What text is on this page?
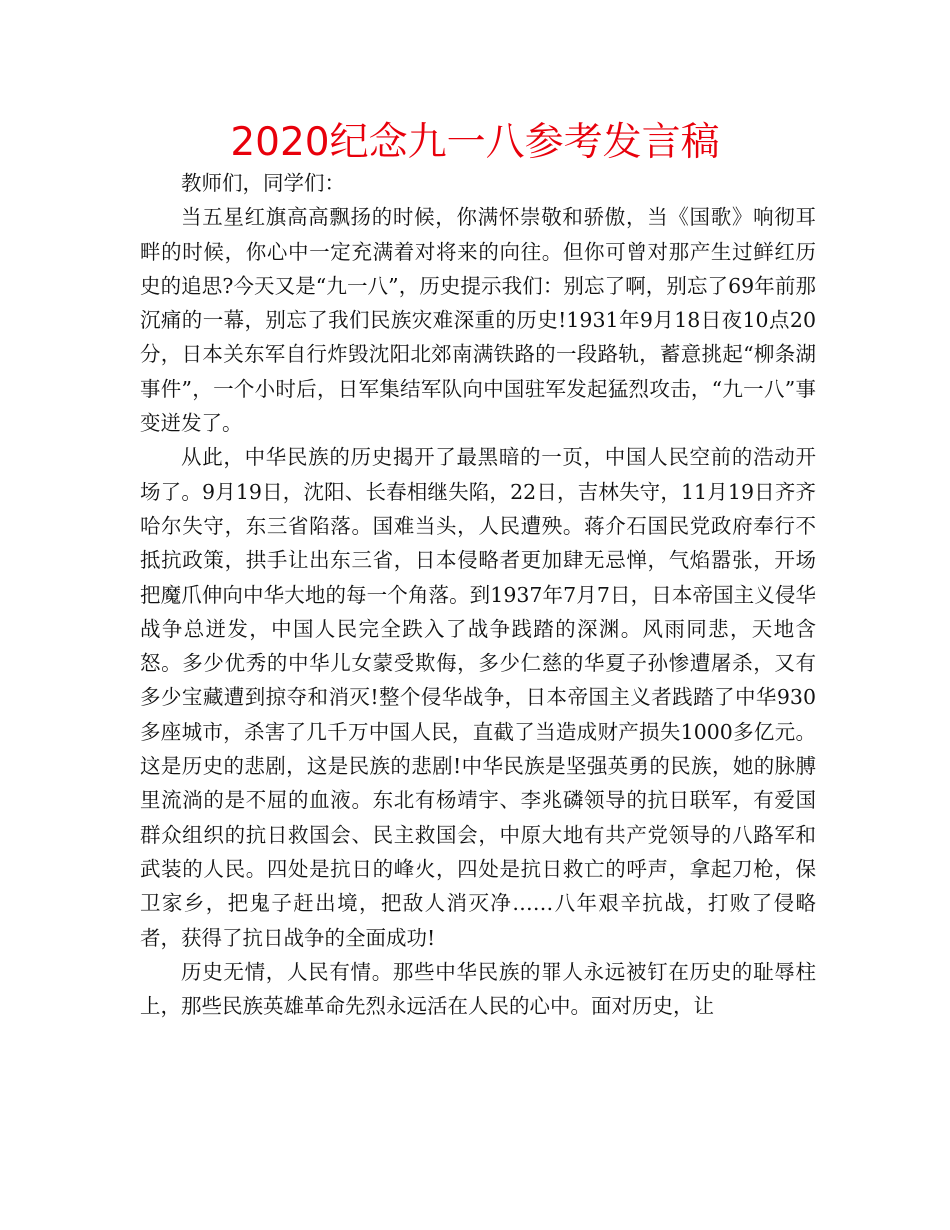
2020纪念九一八参考发言稿

教师们，同学们：

当五星红旗高高飘扬的时候，你满怀崇敬和骄傲，当《国歌》响彻耳畔的时候，你心中一定充满着对将来的向往。但你可曾对那产生过鲜红历史的追思?今天又是“九一八”，历史提示我们：别忘了啊，别忘了69年前那沉痛的一幕，别忘了我们民族灾难深重的历史!1931年9月18日夜10点20分，日本关东军自行炸毁沈阳北郊南满铁路的一段路轨，蓄意挑起“柳条湖事件”，一个小时后，日军集结军队向中国驻军发起猛烈攻击，“九一八”事变迸发了。

从此，中华民族的历史揭开了最黑暗的一页，中国人民空前的浩动开场了。9月19日，沈阳、长春相继失陷，22日，吉林失守，11月19日齐齐哈尔失守，东三省陷落。国难当头，人民遭殃。蒋介石国民党政府奉行不抵抗政策，拱手让出东三省，日本侵略者更加肆无忌惮，气焰嚣张，开场把魔爪伸向中华大地的每一个角落。到1937年7月7日，日本帝国主义侵华战争总迸发，中国人民完全跌入了战争践踏的深渊。风雨同悲，天地含怒。多少优秀的中华儿女蒙受欺侮，多少仁慈的华夏子孙惨遭屠杀，又有多少宝藏遭到掠夺和消灭!整个侵华战争，日本帝国主义者践踏了中华930多座城市，杀害了几千万中国人民，直截了当造成财产损失1000多亿元。这是历史的悲剧，这是民族的悲剧!中华民族是坚强英勇的民族，她的脉膊里流淌的是不屈的血液。东北有杨靖宇、李兆磷领导的抗日联军，有爱国群众组织的抗日救国会、民主救国会，中原大地有共产党领导的八路军和武装的人民。四处是抗日的峰火，四处是抗日救亡的呼声，拿起刀枪，保卫家乡，把鬼子赶出境，把敌人消灭净……八年艰辛抗战，打败了侵略者，获得了抗日战争的全面成功!

历史无情，人民有情。那些中华民族的罪人永远被钉在历史的耻辱柱上，那些民族英雄革命先烈永远活在人民的心中。面对历史，让
